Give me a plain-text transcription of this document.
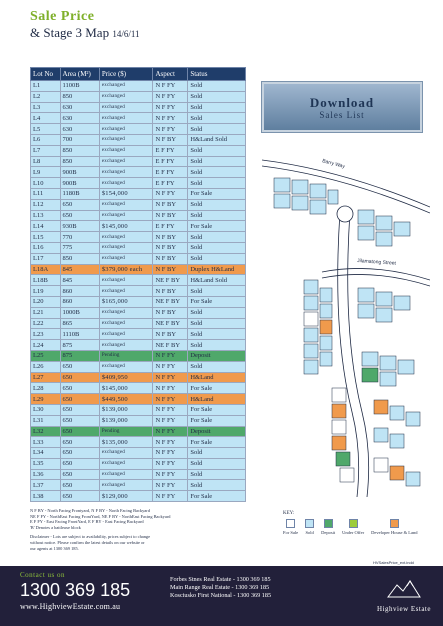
Sale Price
& Stage 3 Map 14/6/11
Lot No	Area (M²)	Price ($)	Aspect	Status
L1	1100B	exchanged	N F FY	Sold
L2	850	exchanged	N F FY	Sold
L3	630	exchanged	N F FY	Sold
L4	630	exchanged	N F FY	Sold
L5	630	exchanged	N F FY	Sold
L6	700	exchanged	N F BY	H&Land Sold
L7	850	exchanged	E F FY	Sold
L8	850	exchanged	E F FY	Sold
L9	900B	exchanged	E F FY	Sold
L10	900B	exchanged	E F FY	Sold
L11	1180B	$154,000	N F FY	For Sale
L12	650	exchanged	N F BY	Sold
L13	650	exchanged	N F BY	Sold
L14	930B	$145,000	E F FY	For Sale
L15	770	exchanged	N F BY	Sold
L16	775	exchanged	N F BY	Sold
L17	850	exchanged	N F BY	Sold
L18A	845	$379,000 each	N F BY	Duplex H&Land
L18B	845	exchanged	NE F BY	H&Land Sold
L19	860	exchanged	N F BY	Sold
L20	860	$165,000	NE F BY	For Sale
L21	1000B	exchanged	N F BY	Sold
L22	865	exchanged	NE F BY	Sold
L23	1110B	exchanged	N F BY	Sold
L24	875	exchanged	NE F BY	Sold
L25	875	Pending	N F FY	Deposit
L26	650	exchanged	N F FY	Sold
L27	650	$409,950	N F FY	H&Land
L28	650	$145,000	N F FY	For Sale
L29	650	$449,500	N F FY	H&Land
L30	650	$139,000	N F FY	For Sale
L31	650	$139,000	N F FY	For Sale
L32	650	Pending	N F FY	Deposit
L33	650	$135,000	N F FY	For Sale
L34	650	exchanged	N F FY	Sold
L35	650	exchanged	N F FY	Sold
L36	650	exchanged	N F FY	Sold
L37	650	exchanged	N F FY	Sold
L38	650	$129,000	N F FY	For Sale
N F BY - North Facing Frontyard, N F BY - North Facing Backyard
NE F FY - NorthEast Facing FrontYard, NE F BY - NorthEast Facing Backyard
E F FY - East Facing FrontYard, E F BY - East Facing Backyard
'B' Denotes a battleaxe block
Disclaimer - Lots are subject to availability, prices subject to change
without notice. Please confirm the latest details on our website or
our agents at 1300 369 185.
Download
Sales List
Barry Way
Jilamatong Street
KEY:
For Sale Sold Deposit Under Offer Developer House & Land
HVSalesPrice_ext.indd
Contact us on
1300 369 185
www.HighviewEstate.com.au
Forbes Stnes Real Estate - 1300 369 185
Main Range Real Estate - 1300 369 185
Kosciusko First National - 1300 369 185
Highview Estate
